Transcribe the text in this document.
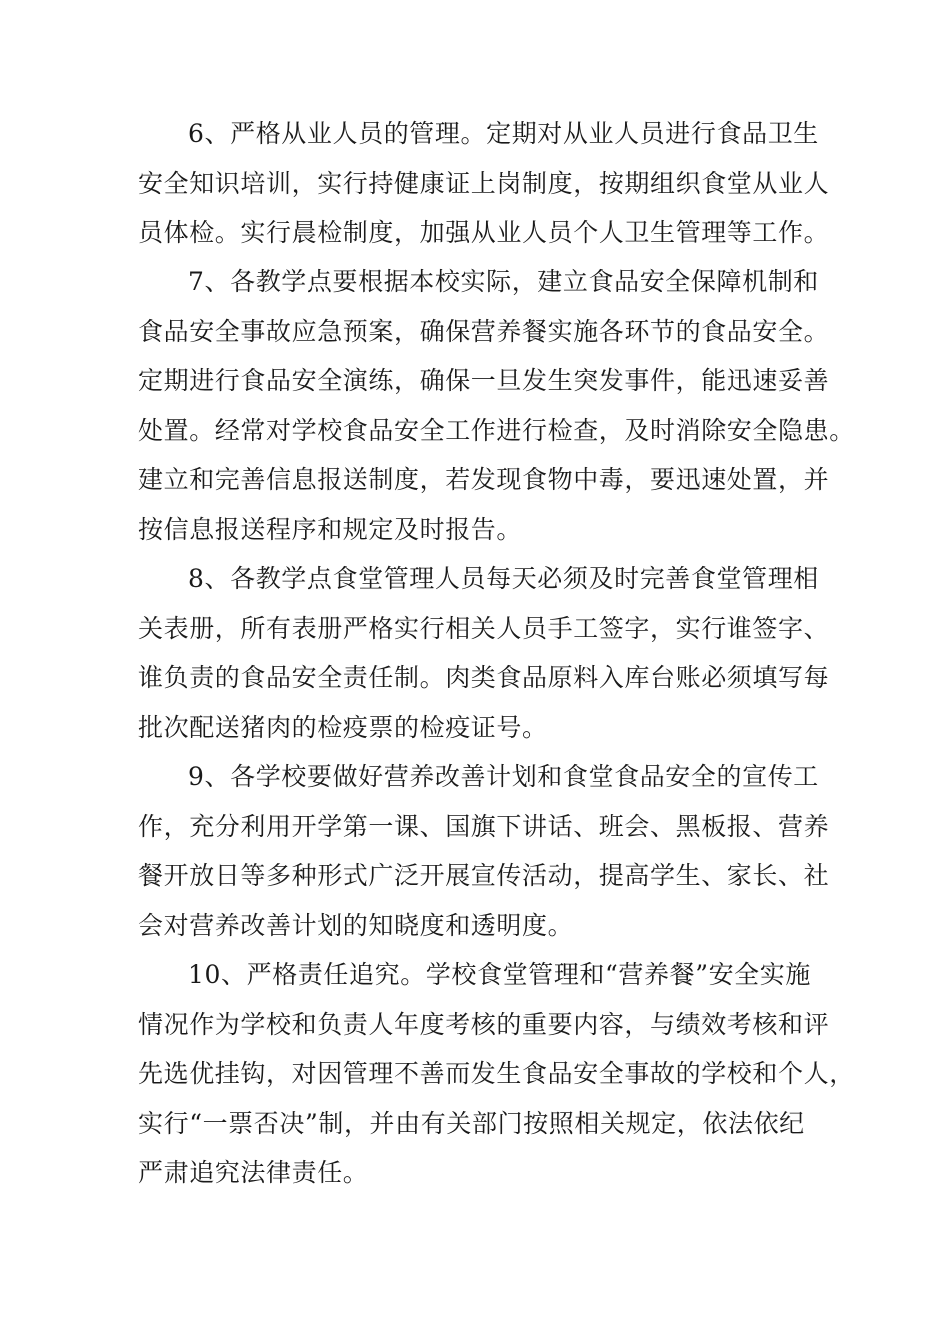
6、严格从业人员的管理。定期对从业人员进行食品卫生
安全知识培训，实行持健康证上岗制度，按期组织食堂从业人
员体检。实行晨检制度，加强从业人员个人卫生管理等工作。
7、各教学点要根据本校实际，建立食品安全保障机制和
食品安全事故应急预案，确保营养餐实施各环节的食品安全。
定期进行食品安全演练，确保一旦发生突发事件，能迅速妥善
处置。经常对学校食品安全工作进行检查，及时消除安全隐患。
建立和完善信息报送制度，若发现食物中毒，要迅速处置，并
按信息报送程序和规定及时报告。
8、各教学点食堂管理人员每天必须及时完善食堂管理相
关表册，所有表册严格实行相关人员手工签字，实行谁签字、
谁负责的食品安全责任制。肉类食品原料入库台账必须填写每
批次配送猪肉的检疫票的检疫证号。
9、各学校要做好营养改善计划和食堂食品安全的宣传工
作，充分利用开学第一课、国旗下讲话、班会、黑板报、营养
餐开放日等多种形式广泛开展宣传活动，提高学生、家长、社
会对营养改善计划的知晓度和透明度。
10、严格责任追究。学校食堂管理和“营养餐”安全实施
情况作为学校和负责人年度考核的重要内容，与绩效考核和评
先选优挂钩，对因管理不善而发生食品安全事故的学校和个人，
实行“一票否决”制，并由有关部门按照相关规定，依法依纪
严肃追究法律责任。
